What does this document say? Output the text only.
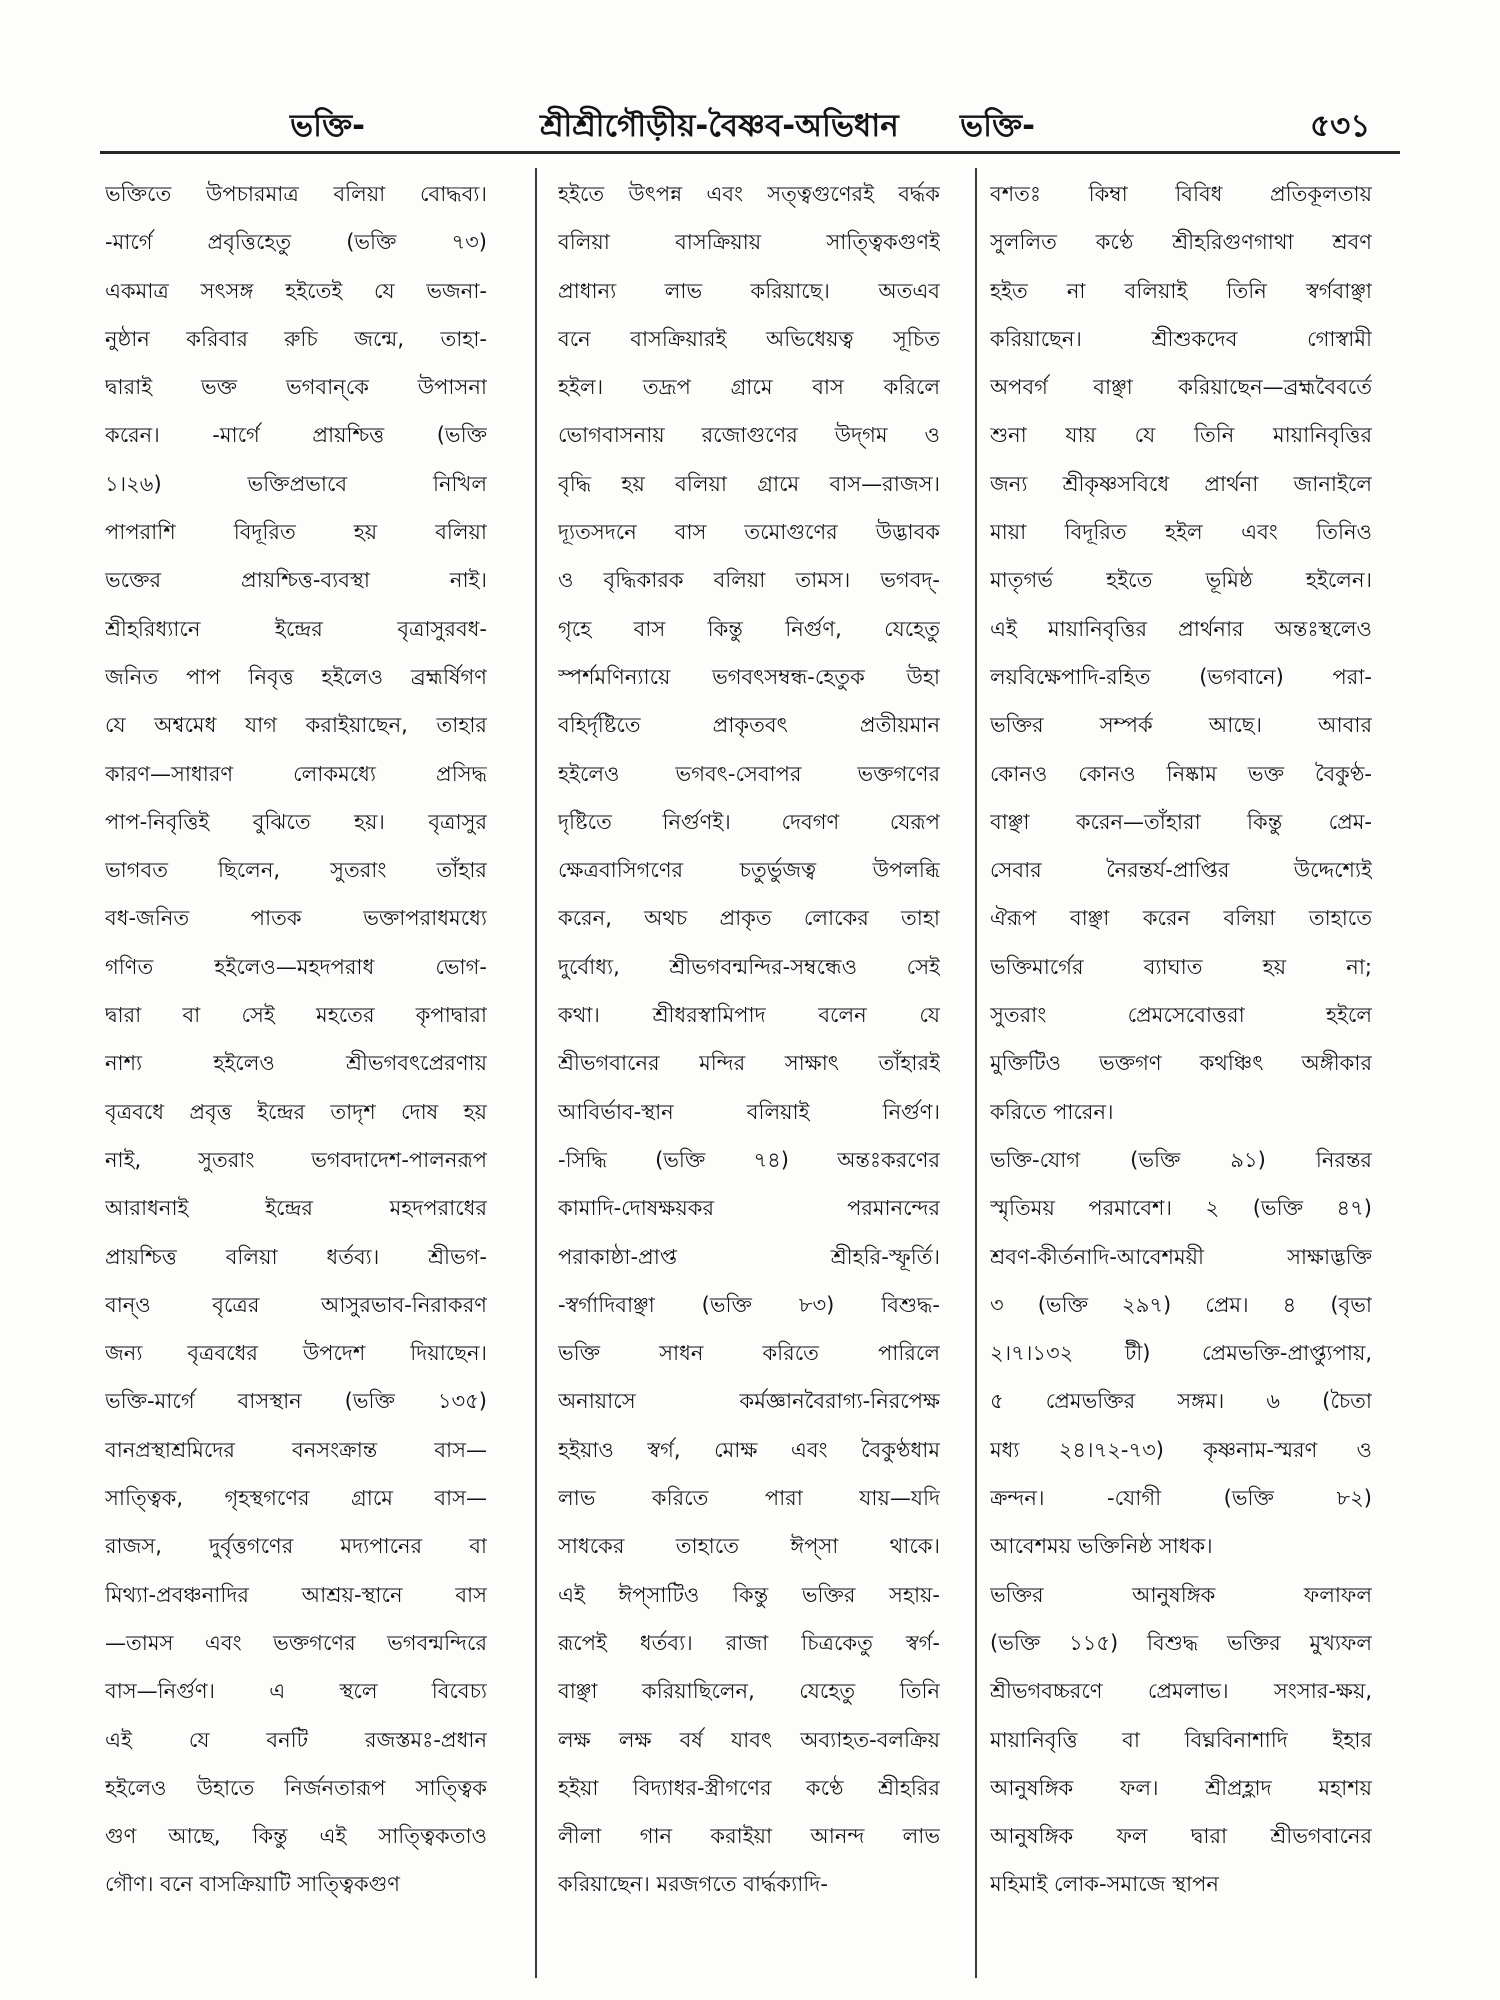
ভক্তি-	শ্রীশ্রীগৌড়ীয়-বৈষ্ণব-অভিধান ভক্তি-	৫৩১
ভক্তিতে উপচারমাত্র বলিয়া বোদ্ধব্য।
-মার্গে প্রবৃত্তিহেতু (ভক্তি ৭৩)
একমাত্র সৎসঙ্গ হইতেই যে ভজনা-
নুষ্ঠান করিবার রুচি জন্মে, তাহা-
দ্বারাই ভক্ত ভগবান্‌কে উপাসনা
করেন। -মার্গে প্রায়শ্চিত্ত (ভক্তি
১।২৬) ভক্তিপ্রভাবে নিখিল
পাপরাশি বিদূরিত হয় বলিয়া
ভক্তের প্রায়শ্চিত্ত-ব্যবস্থা নাই।
শ্রীহরিধ্যানে ইন্দ্রের বৃত্রাসুরবধ-
জনিত পাপ নিবৃত্ত হইলেও ব্রহ্মর্ষিগণ
যে অশ্বমেধ যাগ করাইয়াছেন, তাহার
কারণ—সাধারণ লোকমধ্যে প্রসিদ্ধ
পাপ-নিবৃত্তিই বুঝিতে হয়। বৃত্রাসুর
ভাগবত ছিলেন, সুতরাং তাঁহার
বধ-জনিত পাতক ভক্তাপরাধমধ্যে
গণিত হইলেও—মহদপরাধ ভোগ-
দ্বারা বা সেই মহতের কৃপাদ্বারা
নাশ্য হইলেও শ্রীভগবৎপ্রেরণায়
বৃত্রবধে প্রবৃত্ত ইন্দ্রের তাদৃশ দোষ হয়
নাই, সুতরাং ভগবদাদেশ-পালনরূপ
আরাধনাই ইন্দ্রের মহদপরাধের
প্রায়শ্চিত্ত বলিয়া ধর্তব্য। শ্রীভগ-
বান্‌ও বৃত্রের আসুরভাব-নিরাকরণ
জন্য বৃত্রবধের উপদেশ দিয়াছেন।
ভক্তি-মার্গে বাসস্থান (ভক্তি ১৩৫)
বানপ্রস্থাশ্রমিদের বনসংক্রান্ত বাস—
সাত্ত্বিক, গৃহস্থগণের গ্রামে বাস—
রাজস, দুর্বৃত্তগণের মদ্যপানের বা
মিথ্যা-প্রবঞ্চনাদির আশ্রয়-স্থানে বাস
—তামস এবং ভক্তগণের ভগবন্মন্দিরে
বাস—নির্গুণ। এ স্থলে বিবেচ্য
এই যে বনটি রজস্তমঃ-প্রধান
হইলেও উহাতে নির্জনতারূপ সাত্ত্বিক
গুণ আছে, কিন্তু এই সাত্ত্বিকতাও
গৌণ। বনে বাসক্রিয়াটি সাত্ত্বিকগুণ
হইতে উৎপন্ন এবং সত্ত্বগুণেরই বর্দ্ধক
বলিয়া বাসক্রিয়ায় সাত্ত্বিকগুণই
প্রাধান্য লাভ করিয়াছে। অতএব
বনে বাসক্রিয়ারই অভিধেয়ত্ব সূচিত
হইল। তদ্রূপ গ্রামে বাস করিলে
ভোগবাসনায় রজোগুণের উদ্‌গম ও
বৃদ্ধি হয় বলিয়া গ্রামে বাস—রাজস।
দ্যূতসদনে বাস তমোগুণের উদ্ভাবক
ও বৃদ্ধিকারক বলিয়া তামস। ভগবদ্-
গৃহে বাস কিন্তু নির্গুণ, যেহেতু
স্পর্শমণিন্যায়ে ভগবৎসম্বন্ধ-হেতুক উহা
বহির্দৃষ্টিতে প্রাকৃতবৎ প্রতীয়মান
হইলেও ভগবৎ-সেবাপর ভক্তগণের
দৃষ্টিতে নির্গুণই। দেবগণ যেরূপ
ক্ষেত্রবাসিগণের চতুর্ভুজত্ব উপলব্ধি
করেন, অথচ প্রাকৃত লোকের তাহা
দুর্বোধ্য, শ্রীভগবন্মন্দির-সম্বন্ধেও সেই
কথা। শ্রীধরস্বামিপাদ বলেন যে
শ্রীভগবানের মন্দির সাক্ষাৎ তাঁহারই
আবির্ভাব-স্থান বলিয়াই নির্গুণ।
-সিদ্ধি (ভক্তি ৭৪) অন্তঃকরণের
কামাদি-দোষক্ষয়কর পরমানন্দের
পরাকাষ্ঠা-প্রাপ্ত শ্রীহরি-স্ফূর্তি।
-স্বর্গাদিবাঞ্ছা (ভক্তি ৮৩) বিশুদ্ধ-
ভক্তি সাধন করিতে পারিলে
অনায়াসে কর্মজ্ঞানবৈরাগ্য-নিরপেক্ষ
হইয়াও স্বর্গ, মোক্ষ এবং বৈকুণ্ঠধাম
লাভ করিতে পারা যায়—যদি
সাধকের তাহাতে ঈপ্‌সা থাকে।
এই ঈপ্‌সাটিও কিন্তু ভক্তির সহায়-
রূপেই ধর্তব্য। রাজা চিত্রকেতু স্বর্গ-
বাঞ্ছা করিয়াছিলেন, যেহেতু তিনি
লক্ষ লক্ষ বর্ষ যাবৎ অব্যাহত-বলক্রিয়
হইয়া বিদ্যাধর-স্ত্রীগণের কণ্ঠে শ্রীহরির
লীলা গান করাইয়া আনন্দ লাভ
করিয়াছেন। মরজগতে বার্দ্ধক্যাদি-
বশতঃ কিম্বা বিবিধ প্রতিকূলতায়
সুললিত কণ্ঠে শ্রীহরিগুণগাথা শ্রবণ
হইত না বলিয়াই তিনি স্বর্গবাঞ্ছা
করিয়াছেন। শ্রীশুকদেব গোস্বামী
অপবর্গ বাঞ্ছা করিয়াছেন—ব্রহ্মবৈবর্তে
শুনা যায় যে তিনি মায়ানিবৃত্তির
জন্য শ্রীকৃষ্ণসবিধে প্রার্থনা জানাইলে
মায়া বিদূরিত হইল এবং তিনিও
মাতৃগর্ভ হইতে ভূমিষ্ঠ হইলেন।
এই মায়ানিবৃত্তির প্রার্থনার অন্তঃস্থলেও
লয়বিক্ষেপাদি-রহিত (ভগবানে) পরা-
ভক্তির সম্পর্ক আছে। আবার
কোনও কোনও নিষ্কাম ভক্ত বৈকুণ্ঠ-
বাঞ্ছা করেন—তাঁহারা কিন্তু প্রেম-
সেবার নৈরন্তর্য-প্রাপ্তির উদ্দেশ্যেই
ঐরূপ বাঞ্ছা করেন বলিয়া তাহাতে
ভক্তিমার্গের ব্যাঘাত হয় না;
সুতরাং প্রেমসেবোত্তরা হইলে
মুক্তিটিও ভক্তগণ কথঞ্চিৎ অঙ্গীকার
করিতে পারেন।
ভক্তি-যোগ (ভক্তি ৯১) নিরন্তর
স্মৃতিময় পরমাবেশ। ২ (ভক্তি ৪৭)
শ্রবণ-কীর্তনাদি-আবেশময়ী সাক্ষাদ্ভক্তি
৩ (ভক্তি ২৯৭) প্রেম। ৪ (বৃভা
২।৭।১৩২ টী) প্রেমভক্তি-প্রাপ্ত্যুপায়,
৫ প্রেমভক্তির সঙ্গম। ৬ (চৈতা
মধ্য ২৪।৭২-৭৩) কৃষ্ণনাম-স্মরণ ও
ক্রন্দন। -যোগী (ভক্তি ৮২)
আবেশময় ভক্তিনিষ্ঠ সাধক।
ভক্তির আনুষঙ্গিক ফলাফল
(ভক্তি ১১৫) বিশুদ্ধ ভক্তির মুখ্যফল
শ্রীভগবচ্চরণে প্রেমলাভ। সংসার-ক্ষয়,
মায়ানিবৃত্তি বা বিঘ্নবিনাশাদি ইহার
আনুষঙ্গিক ফল। শ্রীপ্রহ্লাদ মহাশয়
আনুষঙ্গিক ফল দ্বারা শ্রীভগবানের
মহিমাই লোক-সমাজে স্থাপন
